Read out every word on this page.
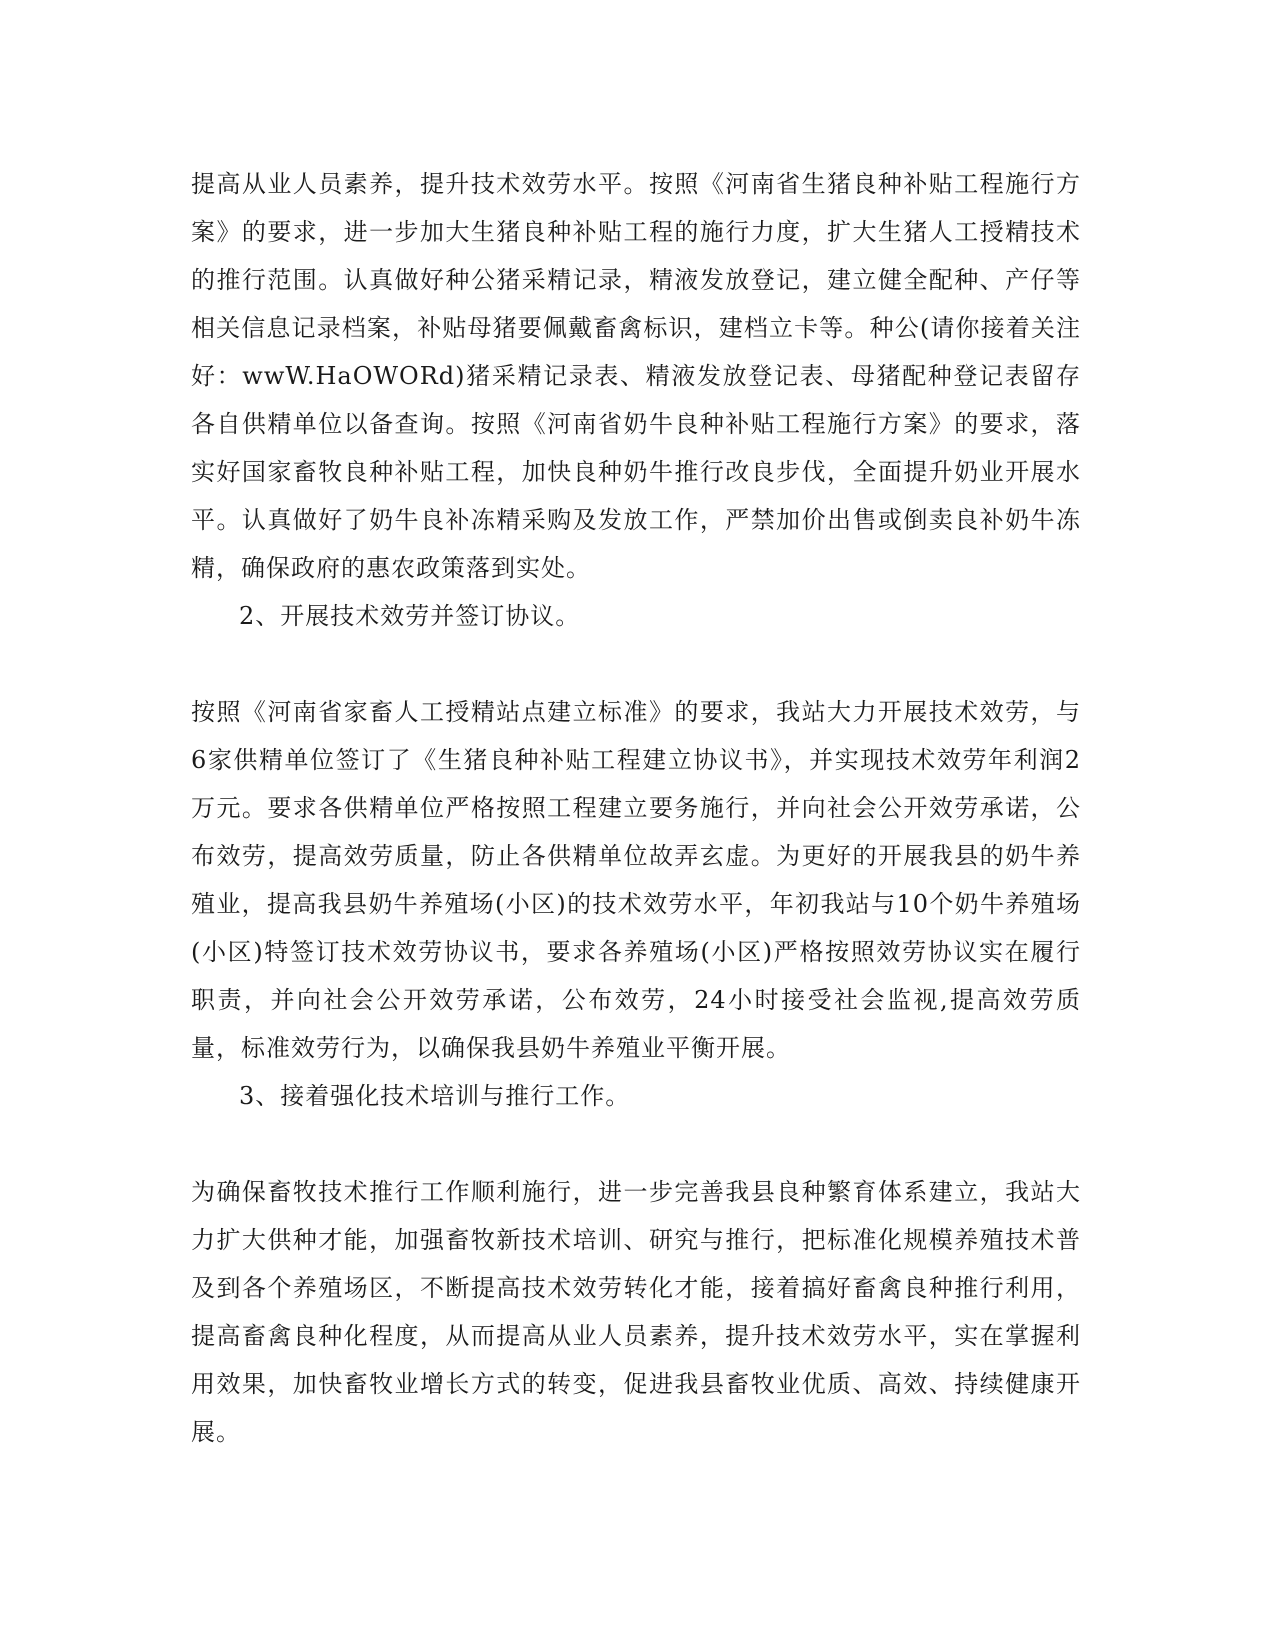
提高从业人员素养，提升技术效劳水平。按照《河南省生猪良种补贴工程施行方案》的要求，进一步加大生猪良种补贴工程的施行力度，扩大生猪人工授精技术的推行范围。认真做好种公猪采精记录，精液发放登记，建立健全配种、产仔等相关信息记录档案，补贴母猪要佩戴畜禽标识，建档立卡等。种公(请你接着关注好：wwW.HaOWORd)猪采精记录表、精液发放登记表、母猪配种登记表留存各自供精单位以备查询。按照《河南省奶牛良种补贴工程施行方案》的要求，落实好国家畜牧良种补贴工程，加快良种奶牛推行改良步伐，全面提升奶业开展水平。认真做好了奶牛良补冻精采购及发放工作，严禁加价出售或倒卖良补奶牛冻精，确保政府的惠农政策落到实处。

2、开展技术效劳并签订协议。

按照《河南省家畜人工授精站点建立标准》的要求，我站大力开展技术效劳，与6家供精单位签订了《生猪良种补贴工程建立协议书》，并实现技术效劳年利润2万元。要求各供精单位严格按照工程建立要务施行，并向社会公开效劳承诺，公布效劳，提高效劳质量，防止各供精单位故弄玄虚。为更好的开展我县的奶牛养殖业，提高我县奶牛养殖场(小区)的技术效劳水平，年初我站与10个奶牛养殖场(小区)特签订技术效劳协议书，要求各养殖场(小区)严格按照效劳协议实在履行职责，并向社会公开效劳承诺，公布效劳，24小时接受社会监视,提高效劳质量，标准效劳行为，以确保我县奶牛养殖业平衡开展。

3、接着强化技术培训与推行工作。

为确保畜牧技术推行工作顺利施行，进一步完善我县良种繁育体系建立，我站大力扩大供种才能，加强畜牧新技术培训、研究与推行，把标准化规模养殖技术普及到各个养殖场区，不断提高技术效劳转化才能，接着搞好畜禽良种推行利用，提高畜禽良种化程度，从而提高从业人员素养，提升技术效劳水平，实在掌握利用效果，加快畜牧业增长方式的转变，促进我县畜牧业优质、高效、持续健康开展。
